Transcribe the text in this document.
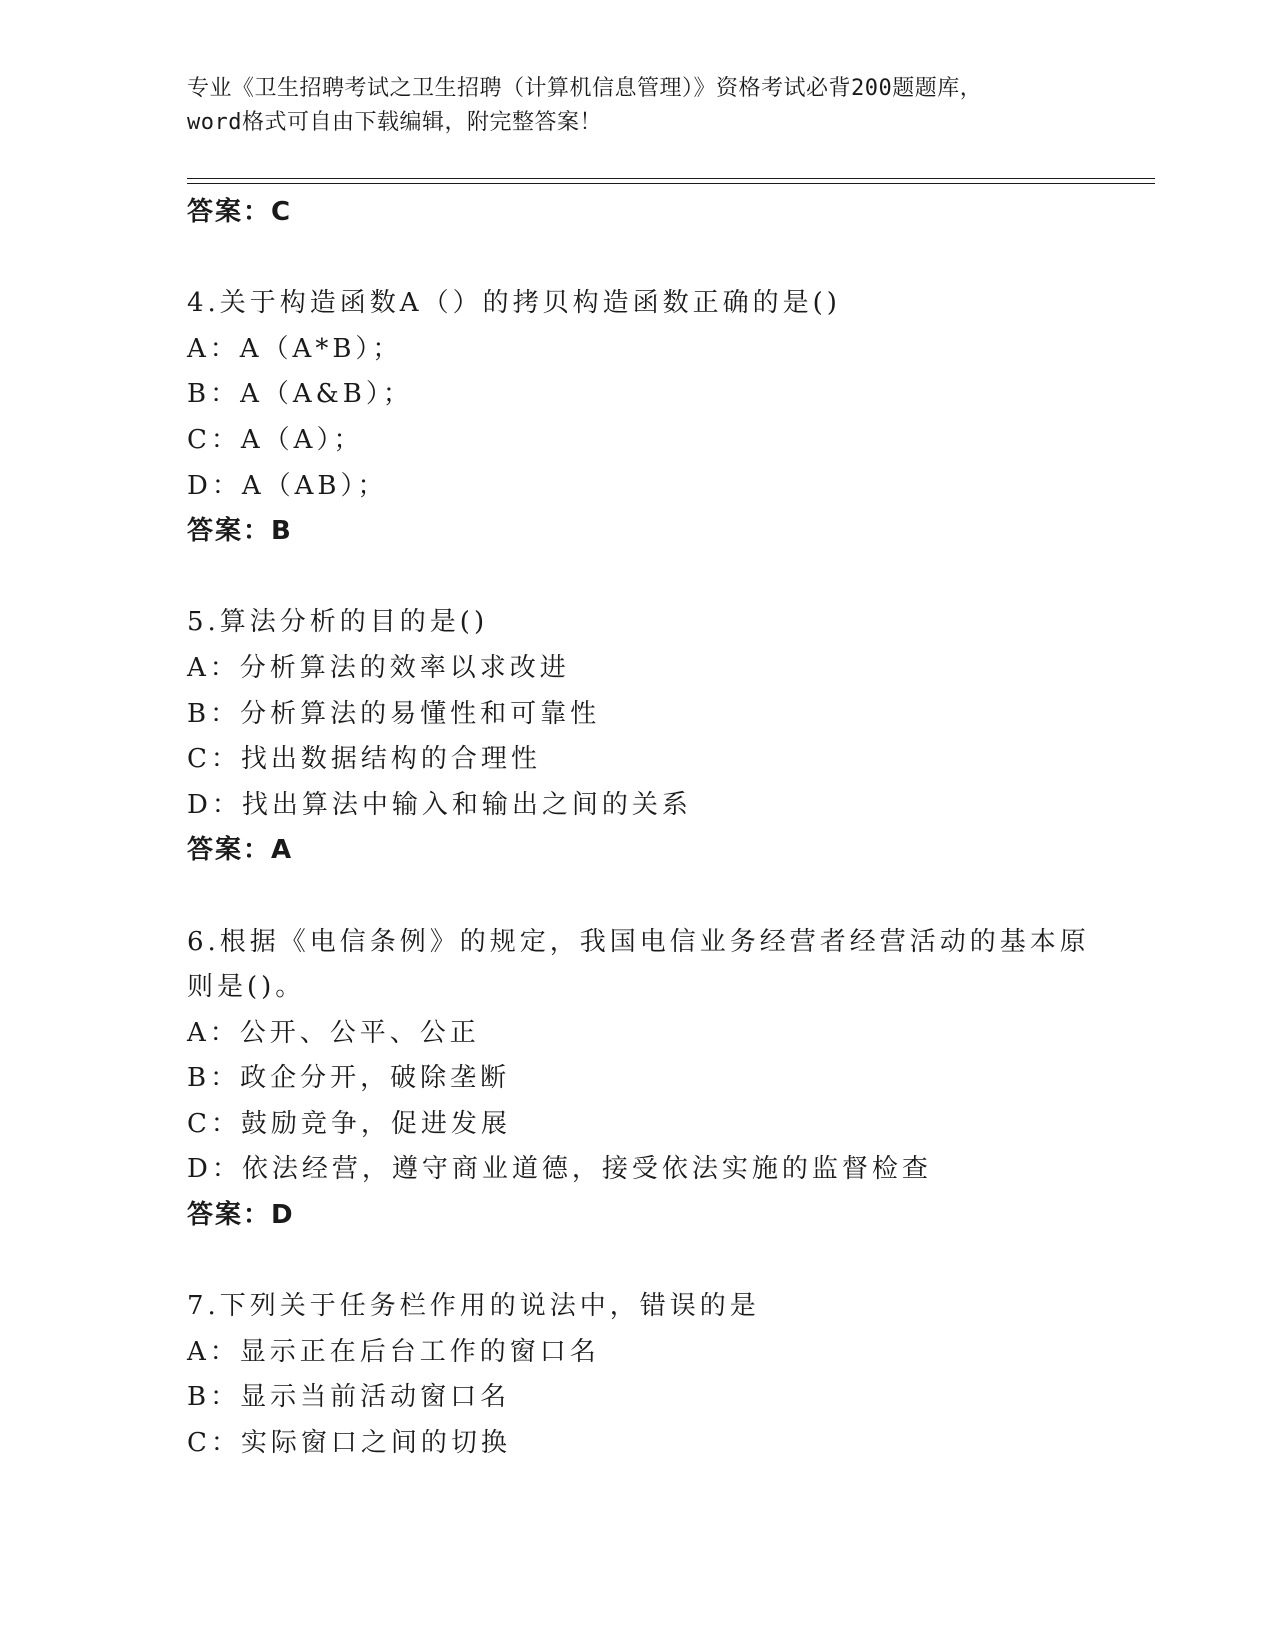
专业《卫生招聘考试之卫生招聘（计算机信息管理）》资格考试必背200题题库，
word格式可自由下载编辑，附完整答案！
答案：C
4.关于构造函数A（）的拷贝构造函数正确的是()
A：A（A*B）；
B：A（A&B）；
C：A（A）；
D：A（AB）；
答案：B
5.算法分析的目的是()
A：分析算法的效率以求改进
B：分析算法的易懂性和可靠性
C：找出数据结构的合理性
D：找出算法中输入和输出之间的关系
答案：A
6.根据《电信条例》的规定，我国电信业务经营者经营活动的基本原
则是()。
A：公开、公平、公正
B：政企分开，破除垄断
C：鼓励竞争，促进发展
D：依法经营，遵守商业道德，接受依法实施的监督检查
答案：D
7.下列关于任务栏作用的说法中，错误的是
A：显示正在后台工作的窗口名
B：显示当前活动窗口名
C：实际窗口之间的切换
